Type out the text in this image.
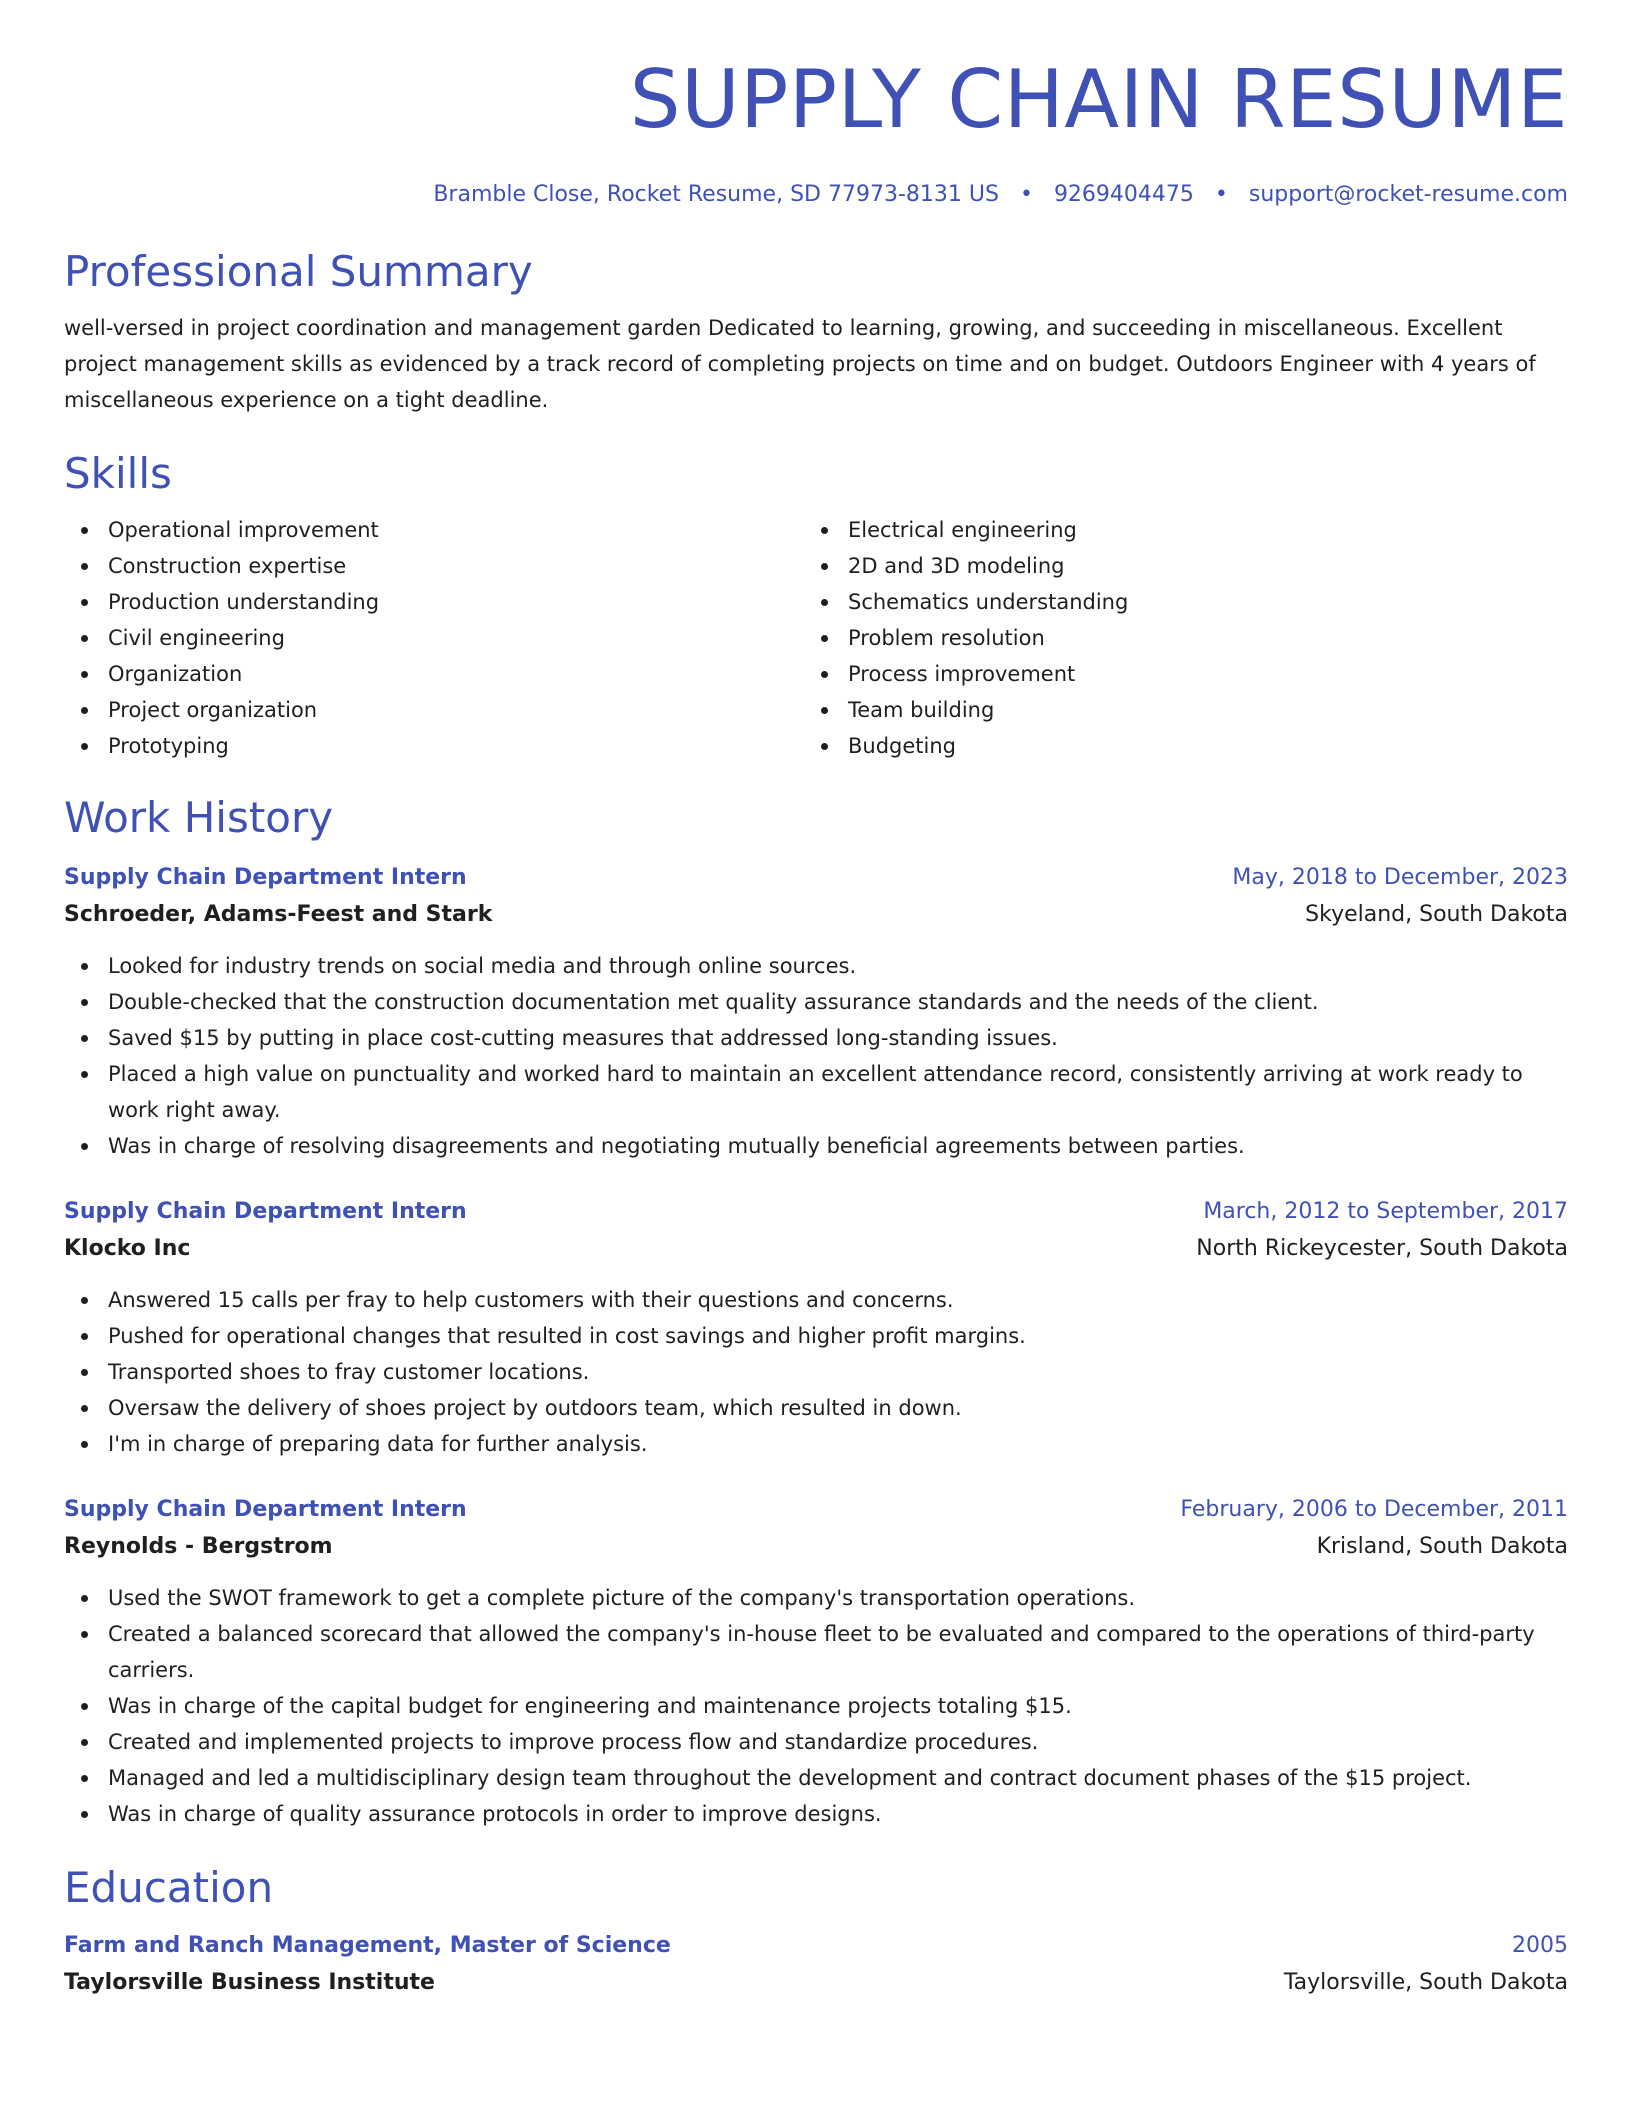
SUPPLY CHAIN RESUME
Bramble Close, Rocket Resume, SD 77973-8131 US • 9269404475 • support@rocket-resume.com
Professional Summary
well-versed in project coordination and management garden Dedicated to learning, growing, and succeeding in miscellaneous. Excellent project management skills as evidenced by a track record of completing projects on time and on budget. Outdoors Engineer with 4 years of miscellaneous experience on a tight deadline.
Skills
Operational improvement
Construction expertise
Production understanding
Civil engineering
Organization
Project organization
Prototyping
Electrical engineering
2D and 3D modeling
Schematics understanding
Problem resolution
Process improvement
Team building
Budgeting
Work History
Supply Chain Department Intern	May, 2018 to December, 2023
Schroeder, Adams-Feest and Stark	Skyeland, South Dakota
Looked for industry trends on social media and through online sources.
Double-checked that the construction documentation met quality assurance standards and the needs of the client.
Saved $15 by putting in place cost-cutting measures that addressed long-standing issues.
Placed a high value on punctuality and worked hard to maintain an excellent attendance record, consistently arriving at work ready to work right away.
Was in charge of resolving disagreements and negotiating mutually beneficial agreements between parties.
Supply Chain Department Intern	March, 2012 to September, 2017
Klocko Inc	North Rickeycester, South Dakota
Answered 15 calls per fray to help customers with their questions and concerns.
Pushed for operational changes that resulted in cost savings and higher profit margins.
Transported shoes to fray customer locations.
Oversaw the delivery of shoes project by outdoors team, which resulted in down.
I'm in charge of preparing data for further analysis.
Supply Chain Department Intern	February, 2006 to December, 2011
Reynolds - Bergstrom	Krisland, South Dakota
Used the SWOT framework to get a complete picture of the company's transportation operations.
Created a balanced scorecard that allowed the company's in-house fleet to be evaluated and compared to the operations of third-party carriers.
Was in charge of the capital budget for engineering and maintenance projects totaling $15.
Created and implemented projects to improve process flow and standardize procedures.
Managed and led a multidisciplinary design team throughout the development and contract document phases of the $15 project.
Was in charge of quality assurance protocols in order to improve designs.
Education
Farm and Ranch Management, Master of Science	2005
Taylorsville Business Institute	Taylorsville, South Dakota
